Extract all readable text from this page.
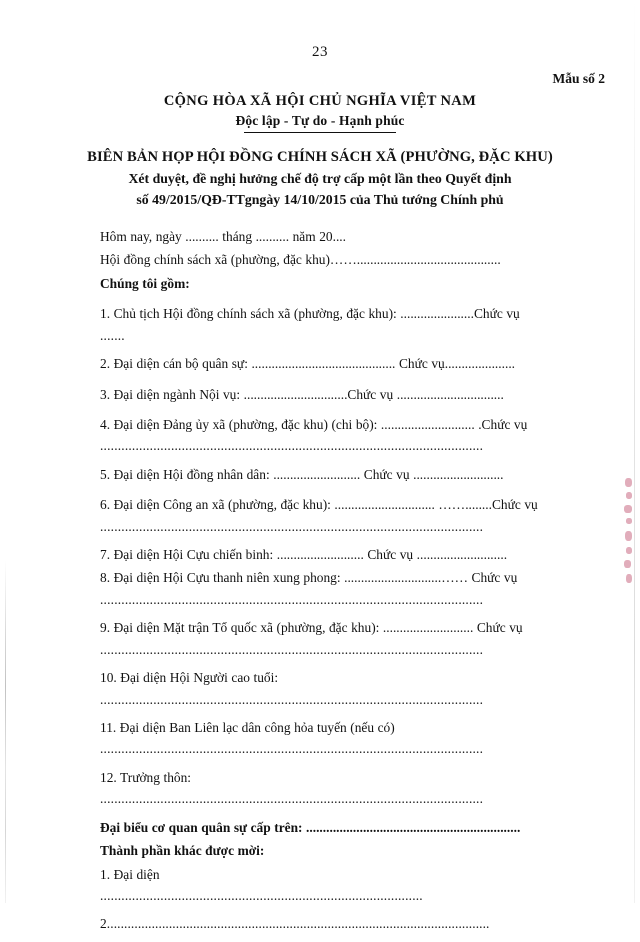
23
Mẫu số 2
CỘNG HÒA XÃ HỘI CHỦ NGHĨA VIỆT NAM
Độc lập - Tự do - Hạnh phúc
BIÊN BẢN HỌP HỘI ĐỒNG CHÍNH SÁCH XÃ (PHƯỜNG, ĐẶC KHU)
Xét duyệt, đề nghị hưởng chế độ trợ cấp một lần theo Quyết định
số 49/2015/QĐ-TTgngày 14/10/2015 của Thủ tướng Chính phủ

Hôm nay, ngày .......... tháng .......... năm 20....

Hội đồng chính sách xã (phường, đặc khu)……...........................................

Chúng tôi gồm:

1. Chủ tịch Hội đồng chính sách xã (phường, đặc khu): ......................Chức vụ

.......

2. Đại diện cán bộ quân sự: ........................................... Chức vụ.....................

3. Đại diện ngành Nội vụ: ...............................Chức vụ ................................

4. Đại diện Đảng ủy xã (phường, đặc khu) (chi bộ): ............................ .Chức vụ

............................................................................................................

5. Đại diện Hội đồng nhân dân: .......................... Chức vụ ...........................

6. Đại diện Công an xã (phường, đặc khu): .............................. ……........Chức vụ

............................................................................................................

7. Đại diện Hội Cựu chiến binh: .......................... Chức vụ ...........................

8. Đại diện Hội Cựu thanh niên xung phong: .............................…… Chức vụ

............................................................................................................

9. Đại diện Mặt trận Tổ quốc xã (phường, đặc khu): ........................... Chức vụ

............................................................................................................

10. Đại diện Hội Người cao tuổi:

............................................................................................................

11. Đại diện Ban Liên lạc dân công hỏa tuyến (nếu có)

............................................................................................................

12. Trưởng thôn:

............................................................................................................

Đại biểu cơ quan quân sự cấp trên: ................................................................

Thành phần khác được mời:

1. Đại diện

...........................................................................................

2...............................................................................................................
